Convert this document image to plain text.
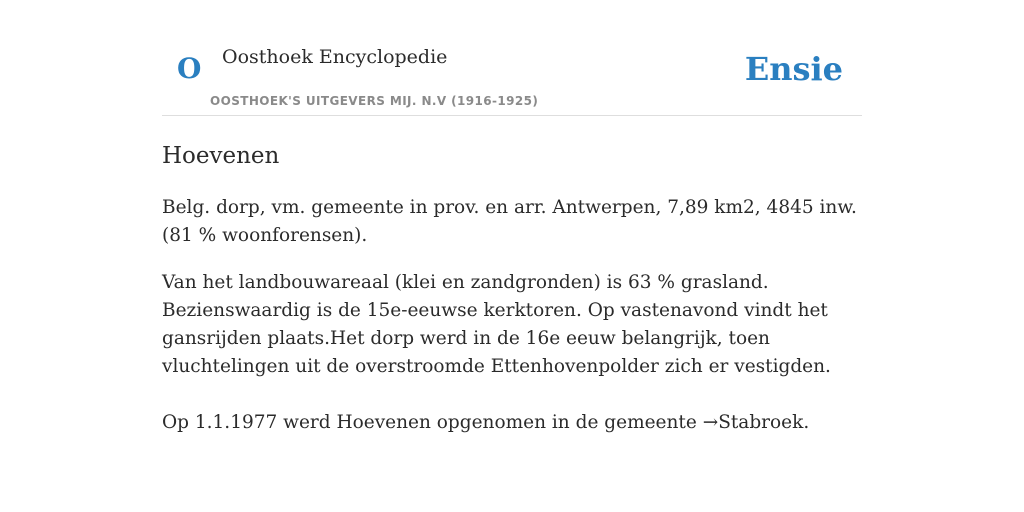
O Oosthoek Encyclopedie
OOSTHOEK'S UITGEVERS MIJ. N.V (1916-1925)
Ensie
Hoevenen

Belg. dorp, vm. gemeente in prov. en arr. Antwerpen, 7,89 km2, 4845 inw. (81 % woonforensen).

Van het landbouwareaal (klei en zandgronden) is 63 % grasland. Bezienswaardig is de 15e-eeuwse kerktoren. Op vastenavond vindt het gansrijden plaats.Het dorp werd in de 16e eeuw belangrijk, toen vluchtelingen uit de overstroomde Ettenhovenpolder zich er vestigden.

Op 1.1.1977 werd Hoevenen opgenomen in de gemeente →Stabroek.
